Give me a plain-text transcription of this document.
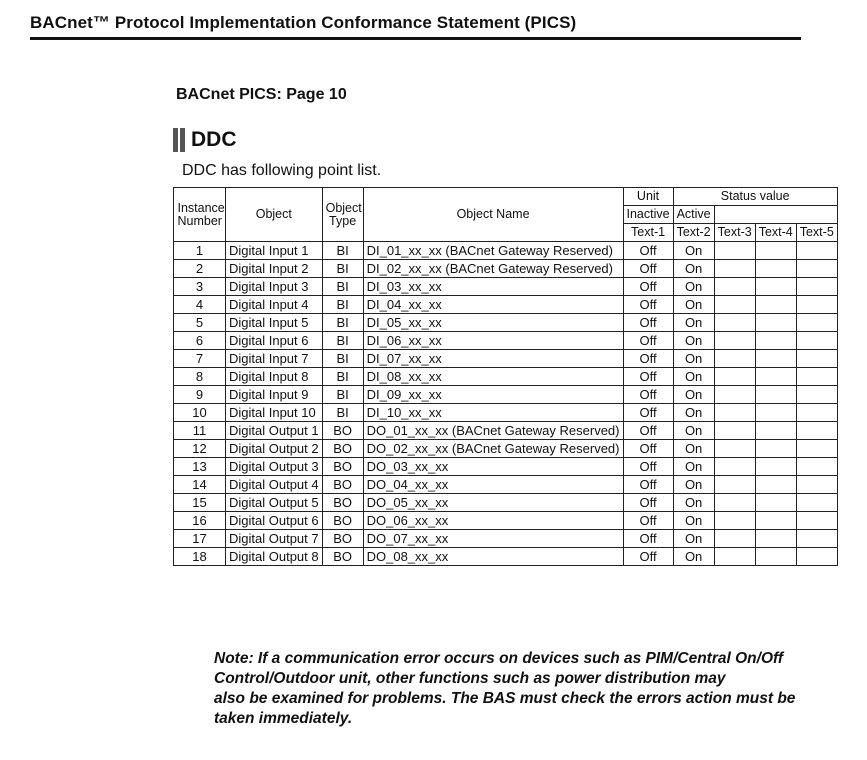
BACnet™ Protocol Implementation Conformance Statement (PICS)
BACnet PICS: Page 10
DDC
DDC has following point list.
Instance Number	Object	Object Type	Object Name	Unit	Status value			
				Inactive	Active			
				Text-1	Text-2	Text-3	Text-4	Text-5
1	Digital Input 1	BI	DI_01_xx_xx (BACnet Gateway Reserved)	Off	On			
2	Digital Input 2	BI	DI_02_xx_xx (BACnet Gateway Reserved)	Off	On			
3	Digital Input 3	BI	DI_03_xx_xx	Off	On			
4	Digital Input 4	BI	DI_04_xx_xx	Off	On			
5	Digital Input 5	BI	DI_05_xx_xx	Off	On			
6	Digital Input 6	BI	DI_06_xx_xx	Off	On			
7	Digital Input 7	BI	DI_07_xx_xx	Off	On			
8	Digital Input 8	BI	DI_08_xx_xx	Off	On			
9	Digital Input 9	BI	DI_09_xx_xx	Off	On			
10	Digital Input 10	BI	DI_10_xx_xx	Off	On			
11	Digital Output 1	BO	DO_01_xx_xx (BACnet Gateway Reserved)	Off	On			
12	Digital Output 2	BO	DO_02_xx_xx (BACnet Gateway Reserved)	Off	On			
13	Digital Output 3	BO	DO_03_xx_xx	Off	On			
14	Digital Output 4	BO	DO_04_xx_xx	Off	On			
15	Digital Output 5	BO	DO_05_xx_xx	Off	On			
16	Digital Output 6	BO	DO_06_xx_xx	Off	On			
17	Digital Output 7	BO	DO_07_xx_xx	Off	On			
18	Digital Output 8	BO	DO_08_xx_xx	Off	On			
Note: If a communication error occurs on devices such as PIM/Central On/Off
Control/Outdoor unit, other functions such as power distribution may
also be examined for problems. The BAS must check the errors action must be
taken immediately.
